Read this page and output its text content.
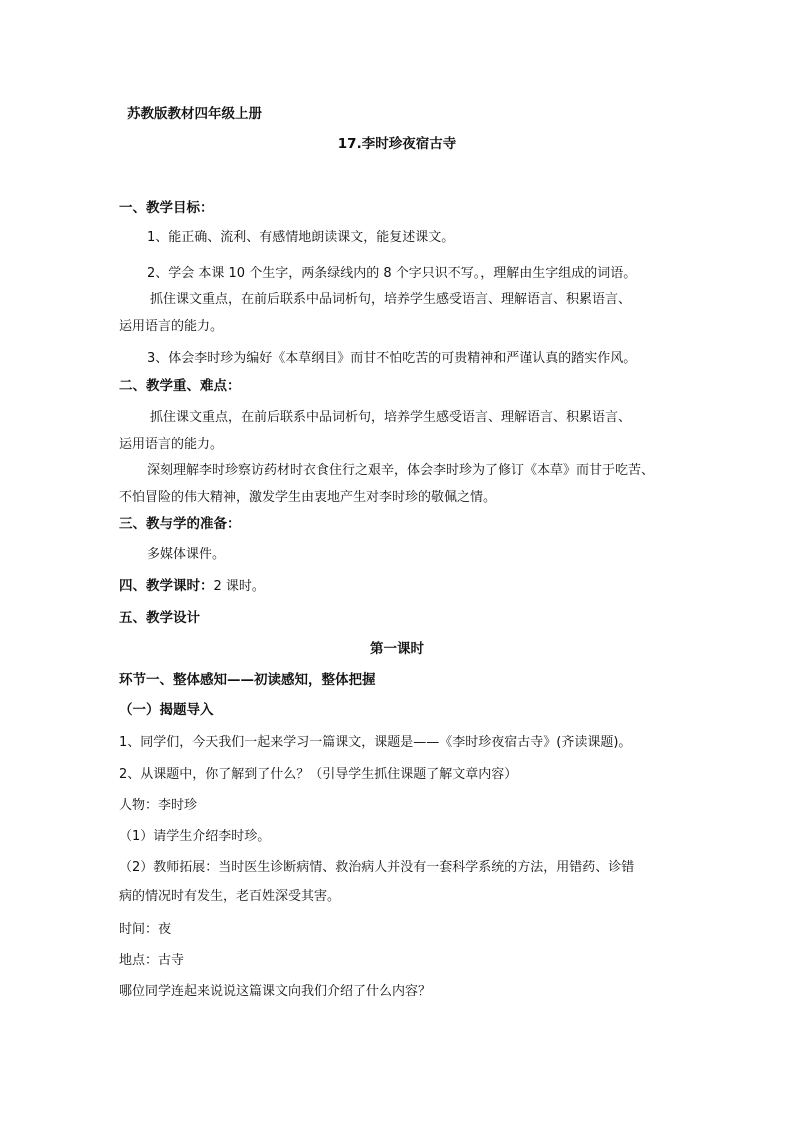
苏教版教材四年级上册
17.李时珍夜宿古寺
一、教学目标：
1、能正确、流利、有感情地朗读课文，能复述课文。
2、学会 本课 10 个生字，两条绿线内的 8 个字只识不写。，理解由生字组成的词语。
抓住课文重点，在前后联系中品词析句，培养学生感受语言、理解语言、积累语言、
运用语言的能力。
3、体会李时珍为编好《本草纲目》而甘不怕吃苦的可贵精神和严谨认真的踏实作风。
二、教学重、难点：
抓住课文重点，在前后联系中品词析句，培养学生感受语言、理解语言、积累语言、
运用语言的能力。
深刻理解李时珍察访药材时衣食住行之艰辛，体会李时珍为了修订《本草》而甘于吃苦、
不怕冒险的伟大精神，激发学生由衷地产生对李时珍的敬佩之情。
三、教与学的准备：
多媒体课件。
四、教学课时：2 课时。
五、教学设计
第一课时
环节一、整体感知——初读感知，整体把握
（一）揭题导入
1、同学们，今天我们一起来学习一篇课文，课题是——《李时珍夜宿古寺》(齐读课题)。
2、从课题中，你了解到了什么？（引导学生抓住课题了解文章内容）
人物：李时珍
（1）请学生介绍李时珍。
（2）教师拓展：当时医生诊断病情、救治病人并没有一套科学系统的方法，用错药、诊错
病的情况时有发生，老百姓深受其害。
时间：夜
地点：古寺
哪位同学连起来说说这篇课文向我们介绍了什么内容？
